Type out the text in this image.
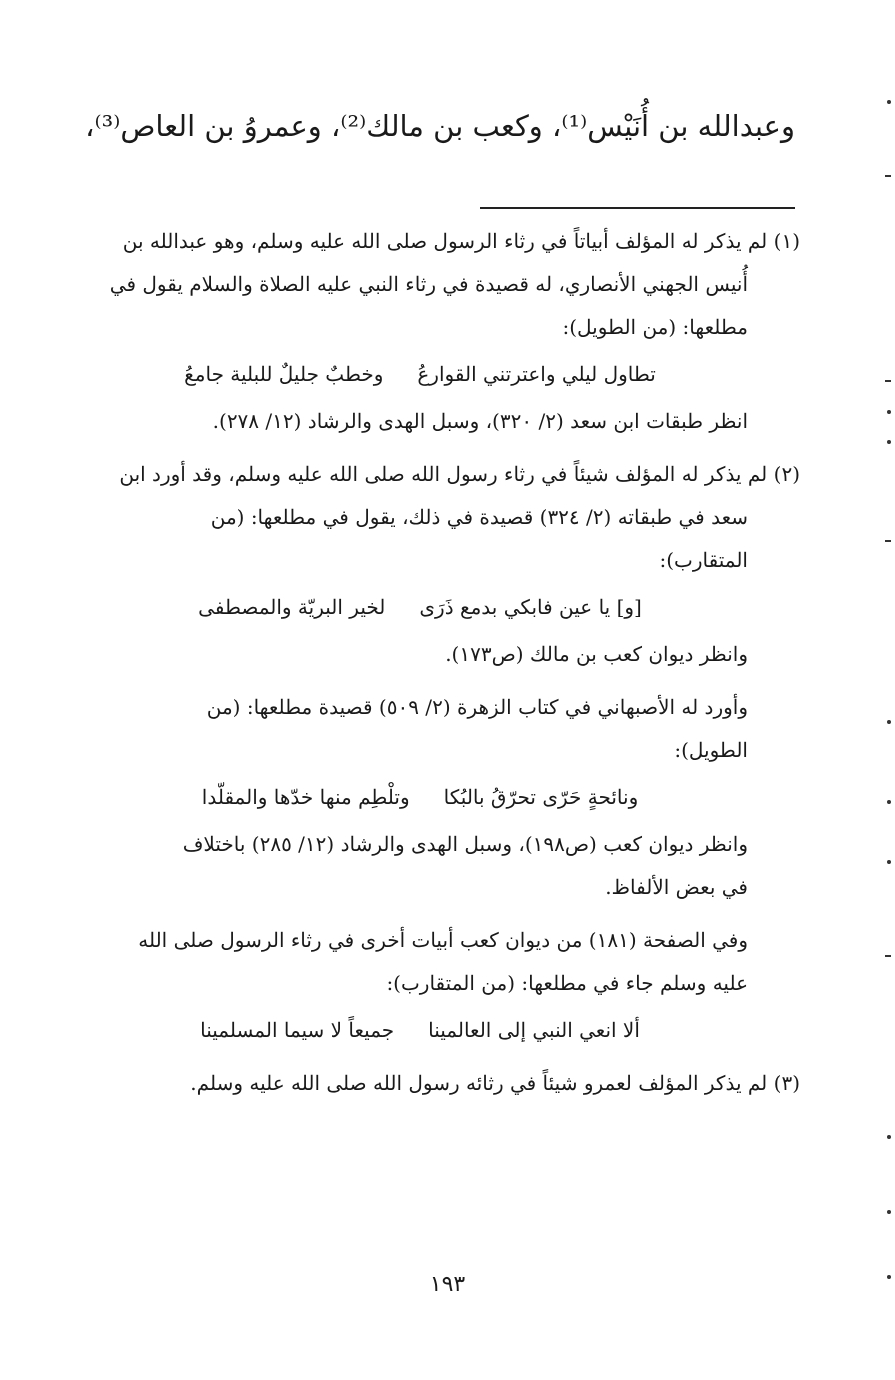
وعبدالله بن أُنَيْس⁽¹⁾، وكعب بن مالك⁽²⁾، وعمروُ بن العاص⁽³⁾،

(١) لم يذكر له المؤلف أبياتاً في رثاء الرسول صلى الله عليه وسلم، وهو عبدالله بن

أُنيس الجهني الأنصاري، له قصيدة في رثاء النبي عليه الصلاة والسلام يقول في

مطلعها: (من الطويل):

تطاول ليلي واعترتني القوارعُ
وخطبٌ جليلٌ للبلية جامعُ

انظر طبقات ابن سعد (٢/ ٣٢٠)، وسبل الهدى والرشاد (١٢/ ٢٧٨).

(٢) لم يذكر له المؤلف شيئاً في رثاء رسول الله صلى الله عليه وسلم، وقد أورد ابن

سعد في طبقاته (٢/ ٣٢٤) قصيدة في ذلك، يقول في مطلعها: (من

المتقارب):

[و] يا عين فابكي بدمع ذَرَى
لخير البريّة والمصطفى

وانظر ديوان كعب بن مالك (ص١٧٣).

وأورد له الأصبهاني في كتاب الزهرة (٢/ ٥٠٩) قصيدة مطلعها: (من

الطويل):

ونائحةٍ حَرّى تحرّقُ بالبُكا
وتلْطِم منها خدّها والمقلّدا

وانظر ديوان كعب (ص١٩٨)، وسبل الهدى والرشاد (١٢/ ٢٨٥) باختلاف

في بعض الألفاظ.

وفي الصفحة (١٨١) من ديوان كعب أبيات أخرى في رثاء الرسول صلى الله

عليه وسلم جاء في مطلعها: (من المتقارب):

ألا انعي النبي إلى العالمينا
جميعاً لا سيما المسلمينا

(٣) لم يذكر المؤلف لعمرو شيئاً في رثائه رسول الله صلى الله عليه وسلم.

١٩٣
